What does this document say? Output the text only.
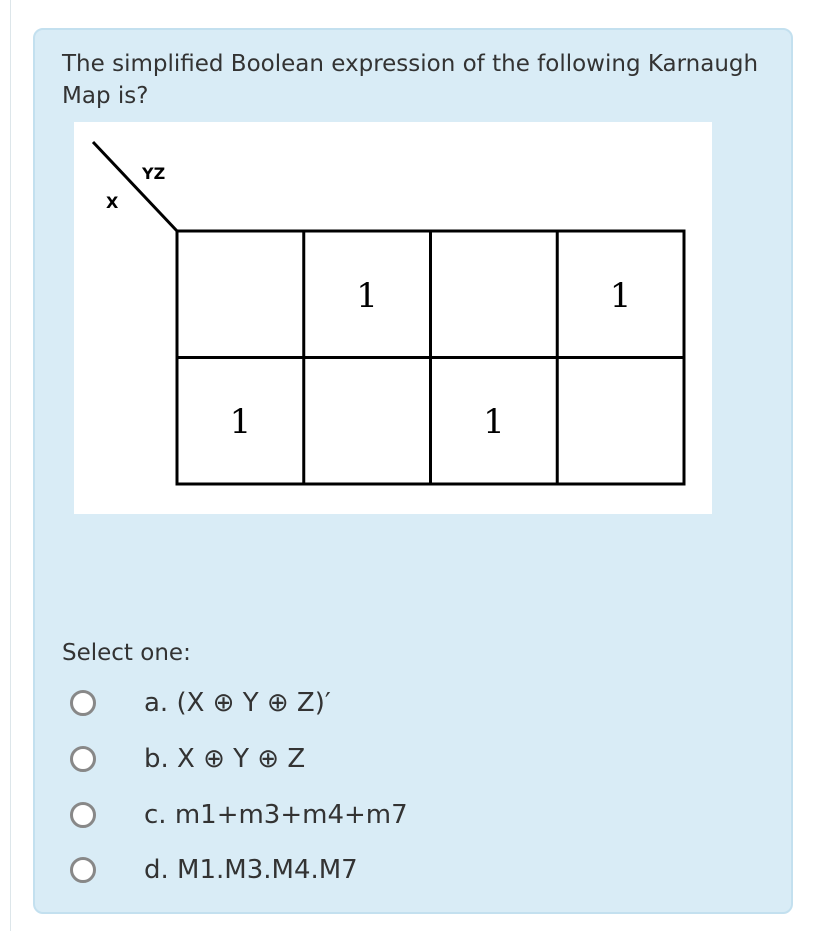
The simplified Boolean expression of the following Karnaugh Map is?

YZ
X
1	1
1	1

Select one:

a. (X ⊕ Y ⊕ Z)′
b. X ⊕ Y ⊕ Z
c. m1+m3+m4+m7
d. M1.M3.M4.M7
